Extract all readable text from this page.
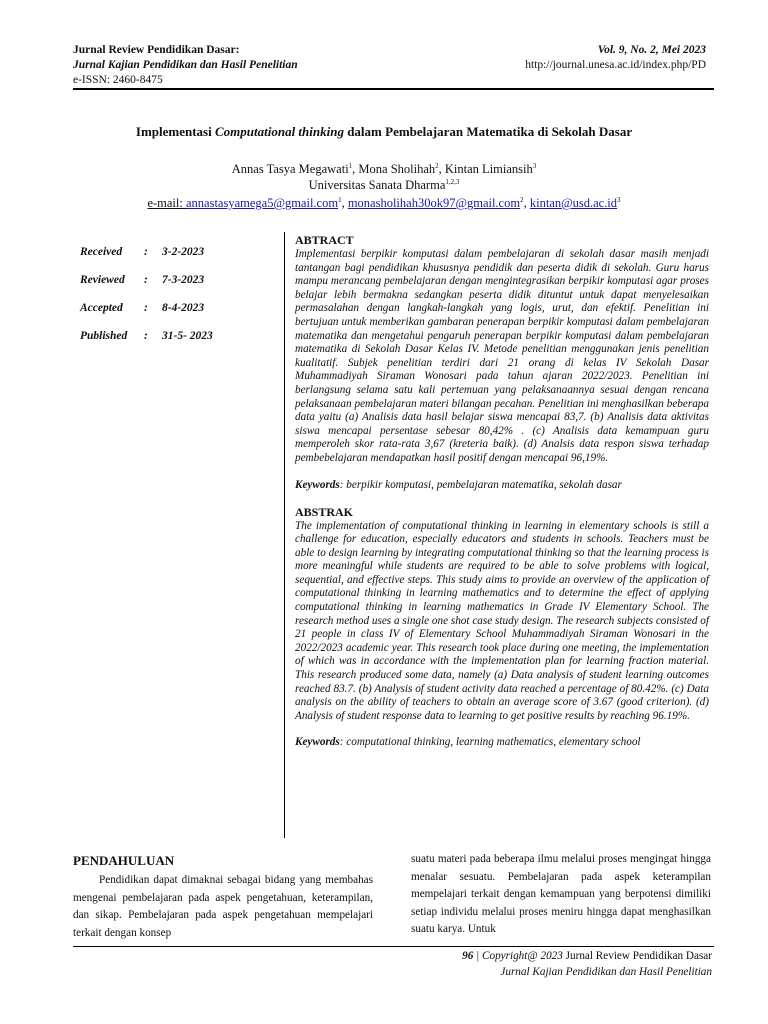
Jurnal Review Pendidikan Dasar:
Jurnal Kajian Pendidikan dan Hasil Penelitian
e-ISSN: 2460-8475
Vol. 9, No. 2, Mei 2023
http://journal.unesa.ac.id/index.php/PD
Implementasi Computational thinking dalam Pembelajaran Matematika di Sekolah Dasar
Annas Tasya Megawati$^1$, Mona Sholihah$^2$, Kintan Limiansih$^3$
Universitas Sanata Dharma$^{1,2,3}$
e-mail: annastasyamega5@gmail.com$^1$, monasholihah30ok97@gmail.com$^2$, $kintan@usd.ac.id^3$
Received	:	3-2-2023
Reviewed	:	7-3-2023
Accepted	:	8-4-2023
Published	:	31-5- 2023
ABTRACT
Implementasi berpikir komputasi dalam pembelajaran di sekolah dasar masih menjadi tantangan bagi pendidikan khususnya pendidik dan peserta didik di sekolah. Guru harus mampu merancang pembelajaran dengan mengintegrasikan berpikir komputasi agar proses belajar lebih bermakna sedangkan peserta didik dituntut untuk dapat menyelesaikan permasalahan dengan langkah-langkah yang logis, urut, dan efektif. Penelitian ini bertujuan untuk memberikan gambaran penerapan berpikir komputasi dalam pembelajaran matematika dan mengetahui pengaruh penerapan berpikir komputasi dalam pembelajaran matematika di Sekolah Dasar Kelas IV. Metode penelitian menggunakan jenis penelitian kualitatif. Subjek penelitian terdiri dari 21 orang di kelas IV Sekolah Dasar Muhammadiyah Siraman Wonosari pada tahun ajaran 2022/2023. Penelitian ini berlangsung selama satu kali pertemuan yang pelaksanaannya sesuai dengan rencana pelaksanaan pembelajaran materi bilangan pecahan. Penelitian ini menghasilkan beberapa data yaitu (a) Analisis data hasil belajar siswa mencapai 83,7. (b) Analisis data aktivitas siswa mencapai persentase sebesar 80,42% . (c) Analisis data kemampuan guru memperoleh skor rata-rata 3,67 (kreteria baik). (d) Analsis data respon siswa terhadap pembebelajaran mendapatkan hasil positif dengan mencapai 96,19%.
Keywords: berpikir komputasi, pembelajaran matematika, sekolah dasar
ABSTRAK
The implementation of computational thinking in learning in elementary schools is still a challenge for education, especially educators and students in schools. Teachers must be able to design learning by integrating computational thinking so that the learning process is more meaningful while students are required to be able to solve problems with logical, sequential, and effective steps. This study aims to provide an overview of the application of computational thinking in learning mathematics and to determine the effect of applying computational thinking in learning mathematics in Grade IV Elementary School. The research method uses a single one shot case study design. The research subjects consisted of 21 people in class IV of Elementary School Muhammadiyah Siraman Wonosari in the 2022/2023 academic year. This research took place during one meeting, the implementation of which was in accordance with the implementation plan for learning fraction material. This research produced some data, namely (a) Data analysis of student learning outcomes reached 83.7. (b) Analysis of student activity data reached a percentage of 80.42%. (c) Data analysis on the ability of teachers to obtain an average score of 3.67 (good criterion). (d) Analysis of student response data to learning to get positive results by reaching 96.19%.
Keywords: computational thinking, learning mathematics, elementary school
PENDAHULUAN
Pendidikan dapat dimaknai sebagai bidang yang membahas mengenai pembelajaran pada aspek pengetahuan, keterampilan, dan sikap. Pembelajaran pada aspek pengetahuan mempelajari terkait dengan konsep
suatu materi pada beberapa ilmu melalui proses mengingat hingga menalar sesuatu. Pembelajaran pada aspek keterampilan mempelajari terkait dengan kemampuan yang berpotensi dimiliki setiap individu melalui proses meniru hingga dapat menghasilkan suatu karya. Untuk
96 | Copyright@ 2023 Jurnal Review Pendidikan Dasar
Jurnal Kajian Pendidikan dan Hasil Penelitian
